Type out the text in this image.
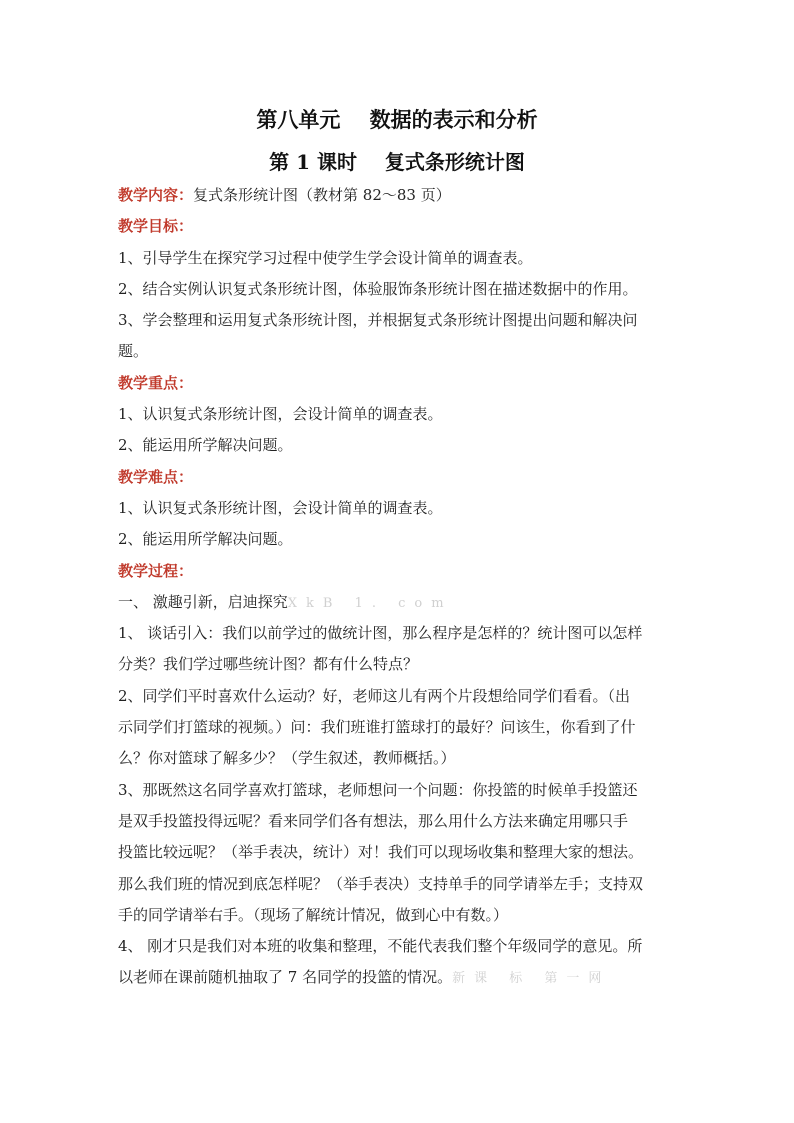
第八单元    数据的表示和分析
第 1 课时    复式条形统计图
教学内容：复式条形统计图（教材第 82～83 页）
教学目标：
1、引导学生在探究学习过程中使学生学会设计简单的调查表。
2、结合实例认识复式条形统计图，体验服饰条形统计图在描述数据中的作用。
3、学会整理和运用复式条形统计图，并根据复式条形统计图提出问题和解决问
题。
教学重点：
1、认识复式条形统计图，会设计简单的调查表。
2、能运用所学解决问题。
教学难点：
1、认识复式条形统计图，会设计简单的调查表。
2、能运用所学解决问题。
教学过程：
一、 激趣引新，启迪探究XkB 1. com
1、 谈话引入：我们以前学过的做统计图，那么程序是怎样的？统计图可以怎样
分类？我们学过哪些统计图？都有什么特点？
2、同学们平时喜欢什么运动？好，老师这儿有两个片段想给同学们看看。（出
示同学们打篮球的视频。）问：我们班谁打篮球打的最好？问该生，你看到了什
么？你对篮球了解多少？（学生叙述，教师概括。）
3、那既然这名同学喜欢打篮球，老师想问一个问题：你投篮的时候单手投篮还
是双手投篮投得远呢？看来同学们各有想法，那么用什么方法来确定用哪只手
投篮比较远呢？（举手表决，统计）对！我们可以现场收集和整理大家的想法。
那么我们班的情况到底怎样呢？（举手表决）支持单手的同学请举左手；支持双
手的同学请举右手。（现场了解统计情况，做到心中有数。）
4、 刚才只是我们对本班的收集和整理，不能代表我们整个年级同学的意见。所
以老师在课前随机抽取了 7 名同学的投篮的情况。新课 标 第一网
